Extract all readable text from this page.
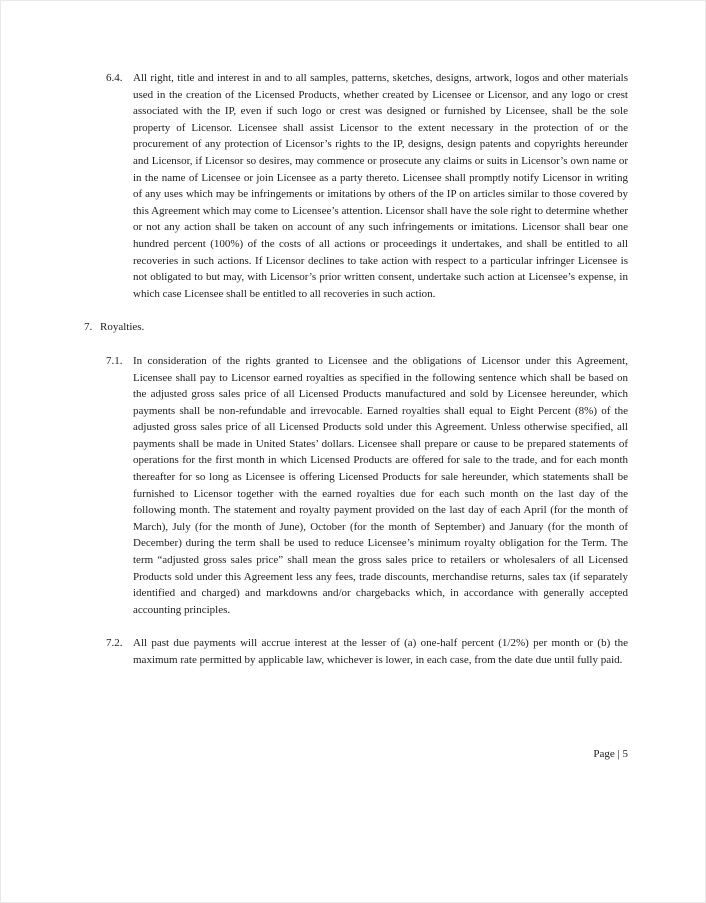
6.4. All right, title and interest in and to all samples, patterns, sketches, designs, artwork, logos and other materials used in the creation of the Licensed Products, whether created by Licensee or Licensor, and any logo or crest associated with the IP, even if such logo or crest was designed or furnished by Licensee, shall be the sole property of Licensor. Licensee shall assist Licensor to the extent necessary in the protection of or the procurement of any protection of Licensor’s rights to the IP, designs, design patents and copyrights hereunder and Licensor, if Licensor so desires, may commence or prosecute any claims or suits in Licensor’s own name or in the name of Licensee or join Licensee as a party thereto. Licensee shall promptly notify Licensor in writing of any uses which may be infringements or imitations by others of the IP on articles similar to those covered by this Agreement which may come to Licensee’s attention. Licensor shall have the sole right to determine whether or not any action shall be taken on account of any such infringements or imitations. Licensor shall bear one hundred percent (100%) of the costs of all actions or proceedings it undertakes, and shall be entitled to all recoveries in such actions. If Licensor declines to take action with respect to a particular infringer Licensee is not obligated to but may, with Licensor’s prior written consent, undertake such action at Licensee’s expense, in which case Licensee shall be entitled to all recoveries in such action.
7. Royalties.
7.1. In consideration of the rights granted to Licensee and the obligations of Licensor under this Agreement, Licensee shall pay to Licensor earned royalties as specified in the following sentence which shall be based on the adjusted gross sales price of all Licensed Products manufactured and sold by Licensee hereunder, which payments shall be non-refundable and irrevocable. Earned royalties shall equal to Eight Percent (8%) of the adjusted gross sales price of all Licensed Products sold under this Agreement. Unless otherwise specified, all payments shall be made in United States’ dollars. Licensee shall prepare or cause to be prepared statements of operations for the first month in which Licensed Products are offered for sale to the trade, and for each month thereafter for so long as Licensee is offering Licensed Products for sale hereunder, which statements shall be furnished to Licensor together with the earned royalties due for each such month on the last day of the following month. The statement and royalty payment provided on the last day of each April (for the month of March), July (for the month of June), October (for the month of September) and January (for the month of December) during the term shall be used to reduce Licensee’s minimum royalty obligation for the Term. The term “adjusted gross sales price” shall mean the gross sales price to retailers or wholesalers of all Licensed Products sold under this Agreement less any fees, trade discounts, merchandise returns, sales tax (if separately identified and charged) and markdowns and/or chargebacks which, in accordance with generally accepted accounting principles.
7.2. All past due payments will accrue interest at the lesser of (a) one-half percent (1/2%) per month or (b) the maximum rate permitted by applicable law, whichever is lower, in each case, from the date due until fully paid.
Page | 5
